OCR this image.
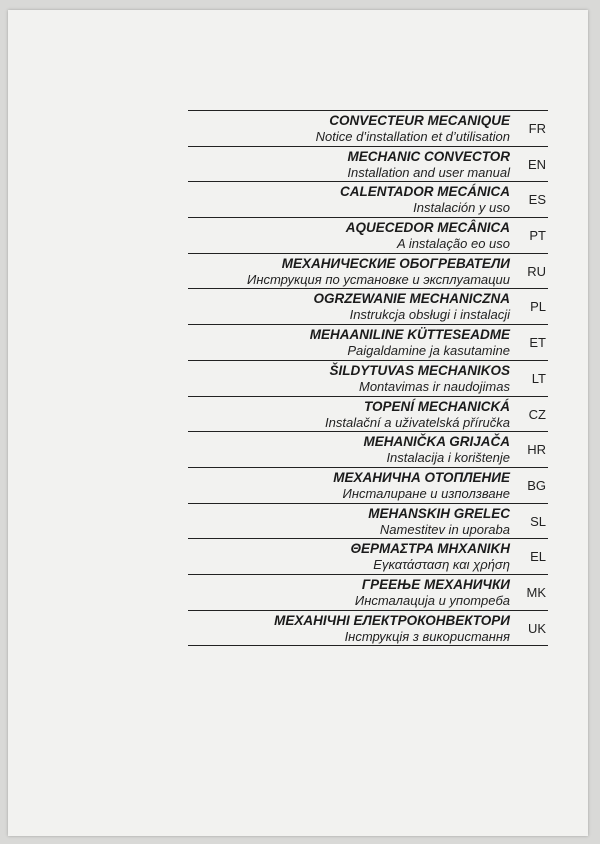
CONVECTEUR MECANIQUE
Notice d’installation et d’utilisation
FR
MECHANIC CONVECTOR
Installation and user manual
EN
CALENTADOR MECÁNICA
Instalación y uso
ES
AQUECEDOR MECÂNICA
A instalação eo uso
PT
МЕХАНИЧЕСКИЕ ОБОГРЕВАТЕЛИ
Инструкция по установке и эксплуатации
RU
OGRZEWANIE MECHANICZNA
Instrukcja obsługi i instalacji
PL
MEHAANILINE KÜTTESEADME
Paigaldamine ja kasutamine
ET
ŠILDYTUVAS MECHANIKOS
Montavimas ir naudojimas
LT
TOPENÍ MECHANICKÁ
Instalační a uživatelská příručka
CZ
MEHANIČKA GRIJAČA
Instalacija i korištenje
HR
МЕХАНИЧНА ОТОПЛЕНИЕ
Инсталиране и използване
BG
MEHANSKIH GRELEC
Namestitev in uporaba
SL
ΘΕΡΜΑΣΤΡΑ ΜΗΧΑΝΙΚΗ
Εγκατάσταση και χρήση
EL
ГРЕЕЊЕ МЕХАНИЧКИ
Инсталација и употреба
MK
МЕХАНІЧНІ ЕЛЕКТРОКОНВЕКТОРИ
Інструкція з використання
UK
